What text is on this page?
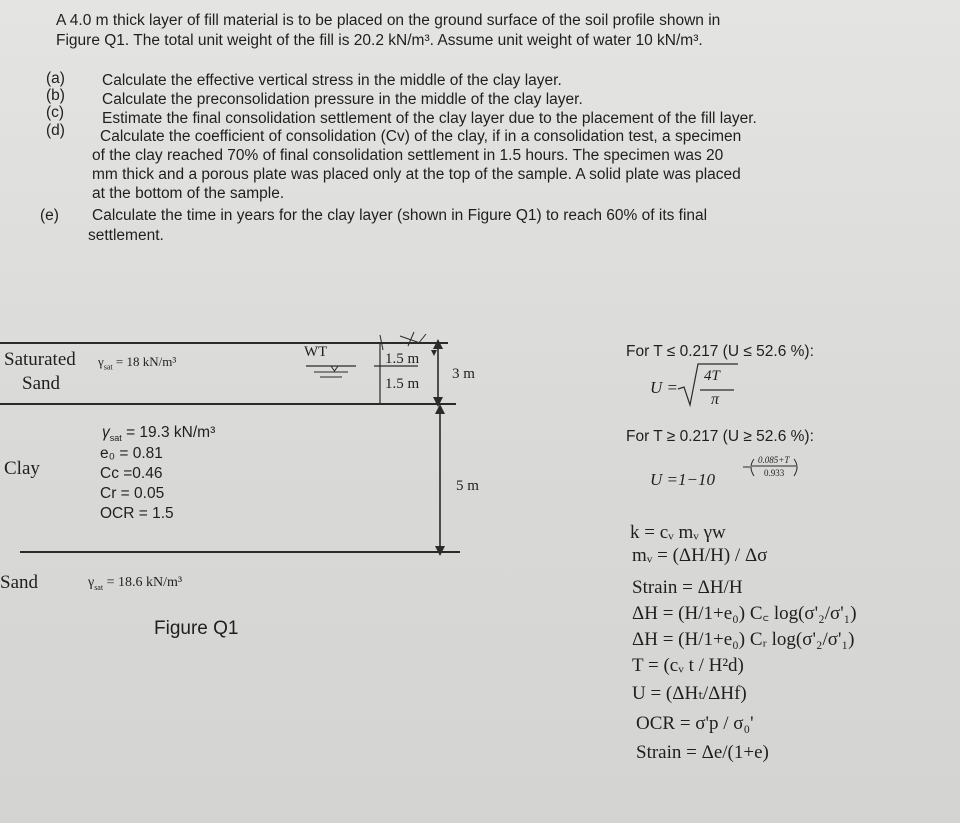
A 4.0 m thick layer of fill material is to be placed on the ground surface of the soil profile shown in
Figure Q1. The total unit weight of the fill is 20.2 kN/m³. Assume unit weight of water 10 kN/m³.
(a) Calculate the effective vertical stress in the middle of the clay layer.
(b) Calculate the preconsolidation pressure in the middle of the clay layer.
(c) Estimate the final consolidation settlement of the clay layer due to the placement of the fill layer.
(d) Calculate the coefficient of consolidation (Cv) of the clay, if in a consolidation test, a specimen
of the clay reached 70% of final consolidation settlement in 1.5 hours. The specimen was 20
mm thick and a porous plate was placed only at the top of the sample. A solid plate was placed
at the bottom of the sample.
(e) Calculate the time in years for the clay layer (shown in Figure Q1) to reach 60% of its final
settlement.
Saturated
Sand
$\gamma_{sat} = 18$ kN/m³
WT	1.5 m
1.5 m
3 m
5 m
Clay
$\gamma_{sat} = 19.3$ kN/m³
e₀ = 0.81
Cc =0.46
Cr = 0.05
OCR = 1.5
Sand	$\gamma_{sat} = 18.6$ kN/m³
Figure Q1
For T ≤ 0.217 (U ≤ 52.6 %):
U =
4T
π
For T ≥ 0.217 (U ≥ 52.6 %):
U =1−10
0.085+T
0.933
k = cᵥ mᵥ γw
mᵥ = (ΔH/H) / Δσ
Strain = ΔH/H
ΔH = (H/1+e₀) C꜀ log(σ'₂/σ'₁)
ΔH = (H/1+e₀) Cᵣ log(σ'₂/σ'₁)
T = (cᵥ t / H²d)
U = (ΔHₜ/ΔHf)
OCR = σ'p / σ₀'
Strain = Δe/(1+e)
